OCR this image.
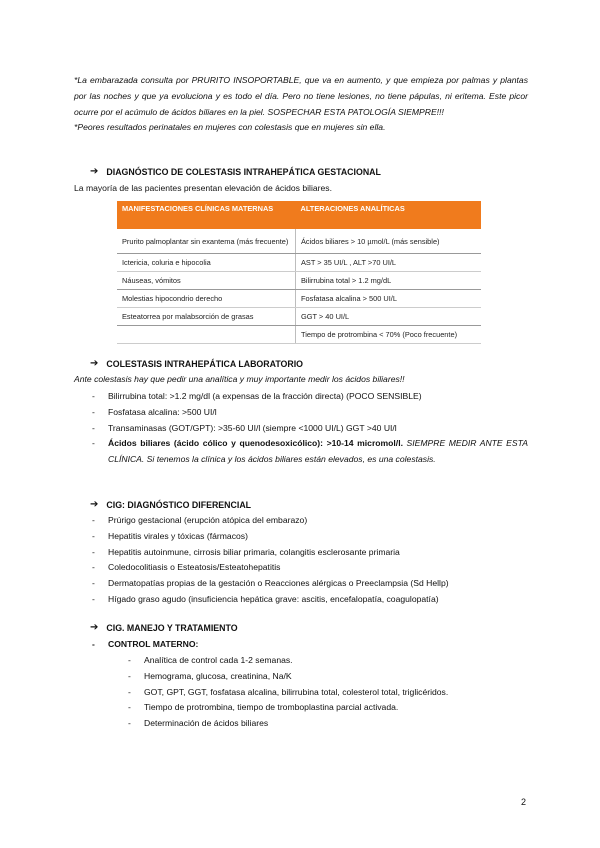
*La embarazada consulta por PRURITO INSOPORTABLE, que va en aumento, y que empieza por palmas y plantas por las noches y que ya evoluciona y es todo el día. Pero no tiene lesiones, no tiene pápulas, ni eritema. Este picor ocurre por el acúmulo de ácidos biliares en la piel. SOSPECHAR ESTA PATOLOGÍA SIEMPRE!!!

*Peores resultados perinatales en mujeres con colestasis que en mujeres sin ella.

➔ DIAGNÓSTICO DE COLESTASIS INTRAHEPÁTICA GESTACIONAL
La mayoría de las pacientes presentan elevación de ácidos biliares.
MANIFESTACIONES CLÍNICAS MATERNAS	ALTERACIONES ANALÍTICAS
Prurito palmoplantar sin exantema (más frecuente)	Ácidos biliares > 10 µmol/L (más sensible)
Ictericia, coluria e hipocolia	AST > 35 UI/L , ALT >70 UI/L
Náuseas, vómitos	Bilirrubina total > 1.2 mg/dL
Molestias hipocondrio derecho	Fosfatasa alcalina > 500 UI/L
Esteatorrea por malabsorción de grasas	GGT > 40 UI/L
	Tiempo de protrombina < 70% (Poco frecuente)
➔ COLESTASIS INTRAHEPÁTICA LABORATORIO
Ante colestasis hay que pedir una analítica y muy importante medir los ácidos biliares!!
- Bilirrubina total: >1.2 mg/dl (a expensas de la fracción directa) (POCO SENSIBLE)
- Fosfatasa alcalina: >500 UI/l
- Transaminasas (GOT/GPT): >35-60 UI/l (siempre <1000 UI/L) GGT >40 UI/l
- Ácidos biliares (ácido cólico y quenodesoxicólico): >10-14 micromol/l. SIEMPRE MEDIR ANTE ESTA CLÍNICA. Si tenemos la clínica y los ácidos biliares están elevados, es una colestasis.
➔ CIG: DIAGNÓSTICO DIFERENCIAL
- Prúrigo gestacional (erupción atópica del embarazo)
- Hepatitis virales y tóxicas (fármacos)
- Hepatitis autoinmune, cirrosis biliar primaria, colangitis esclerosante primaria
- Coledocolitiasis o Esteatosis/Esteatohepatitis
- Dermatopatías propias de la gestación o Reacciones alérgicas o Preeclampsia (Sd Hellp)
- Hígado graso agudo (insuficiencia hepática grave: ascitis, encefalopatía, coagulopatía)
➔ CIG. MANEJO Y TRATAMIENTO
- CONTROL MATERNO:
- Analítica de control cada 1-2 semanas.
- Hemograma, glucosa, creatinina, Na/K
- GOT, GPT, GGT, fosfatasa alcalina, bilirrubina total, colesterol total, triglicéridos.
- Tiempo de protrombina, tiempo de tromboplastina parcial activada.
- Determinación de ácidos biliares
2
